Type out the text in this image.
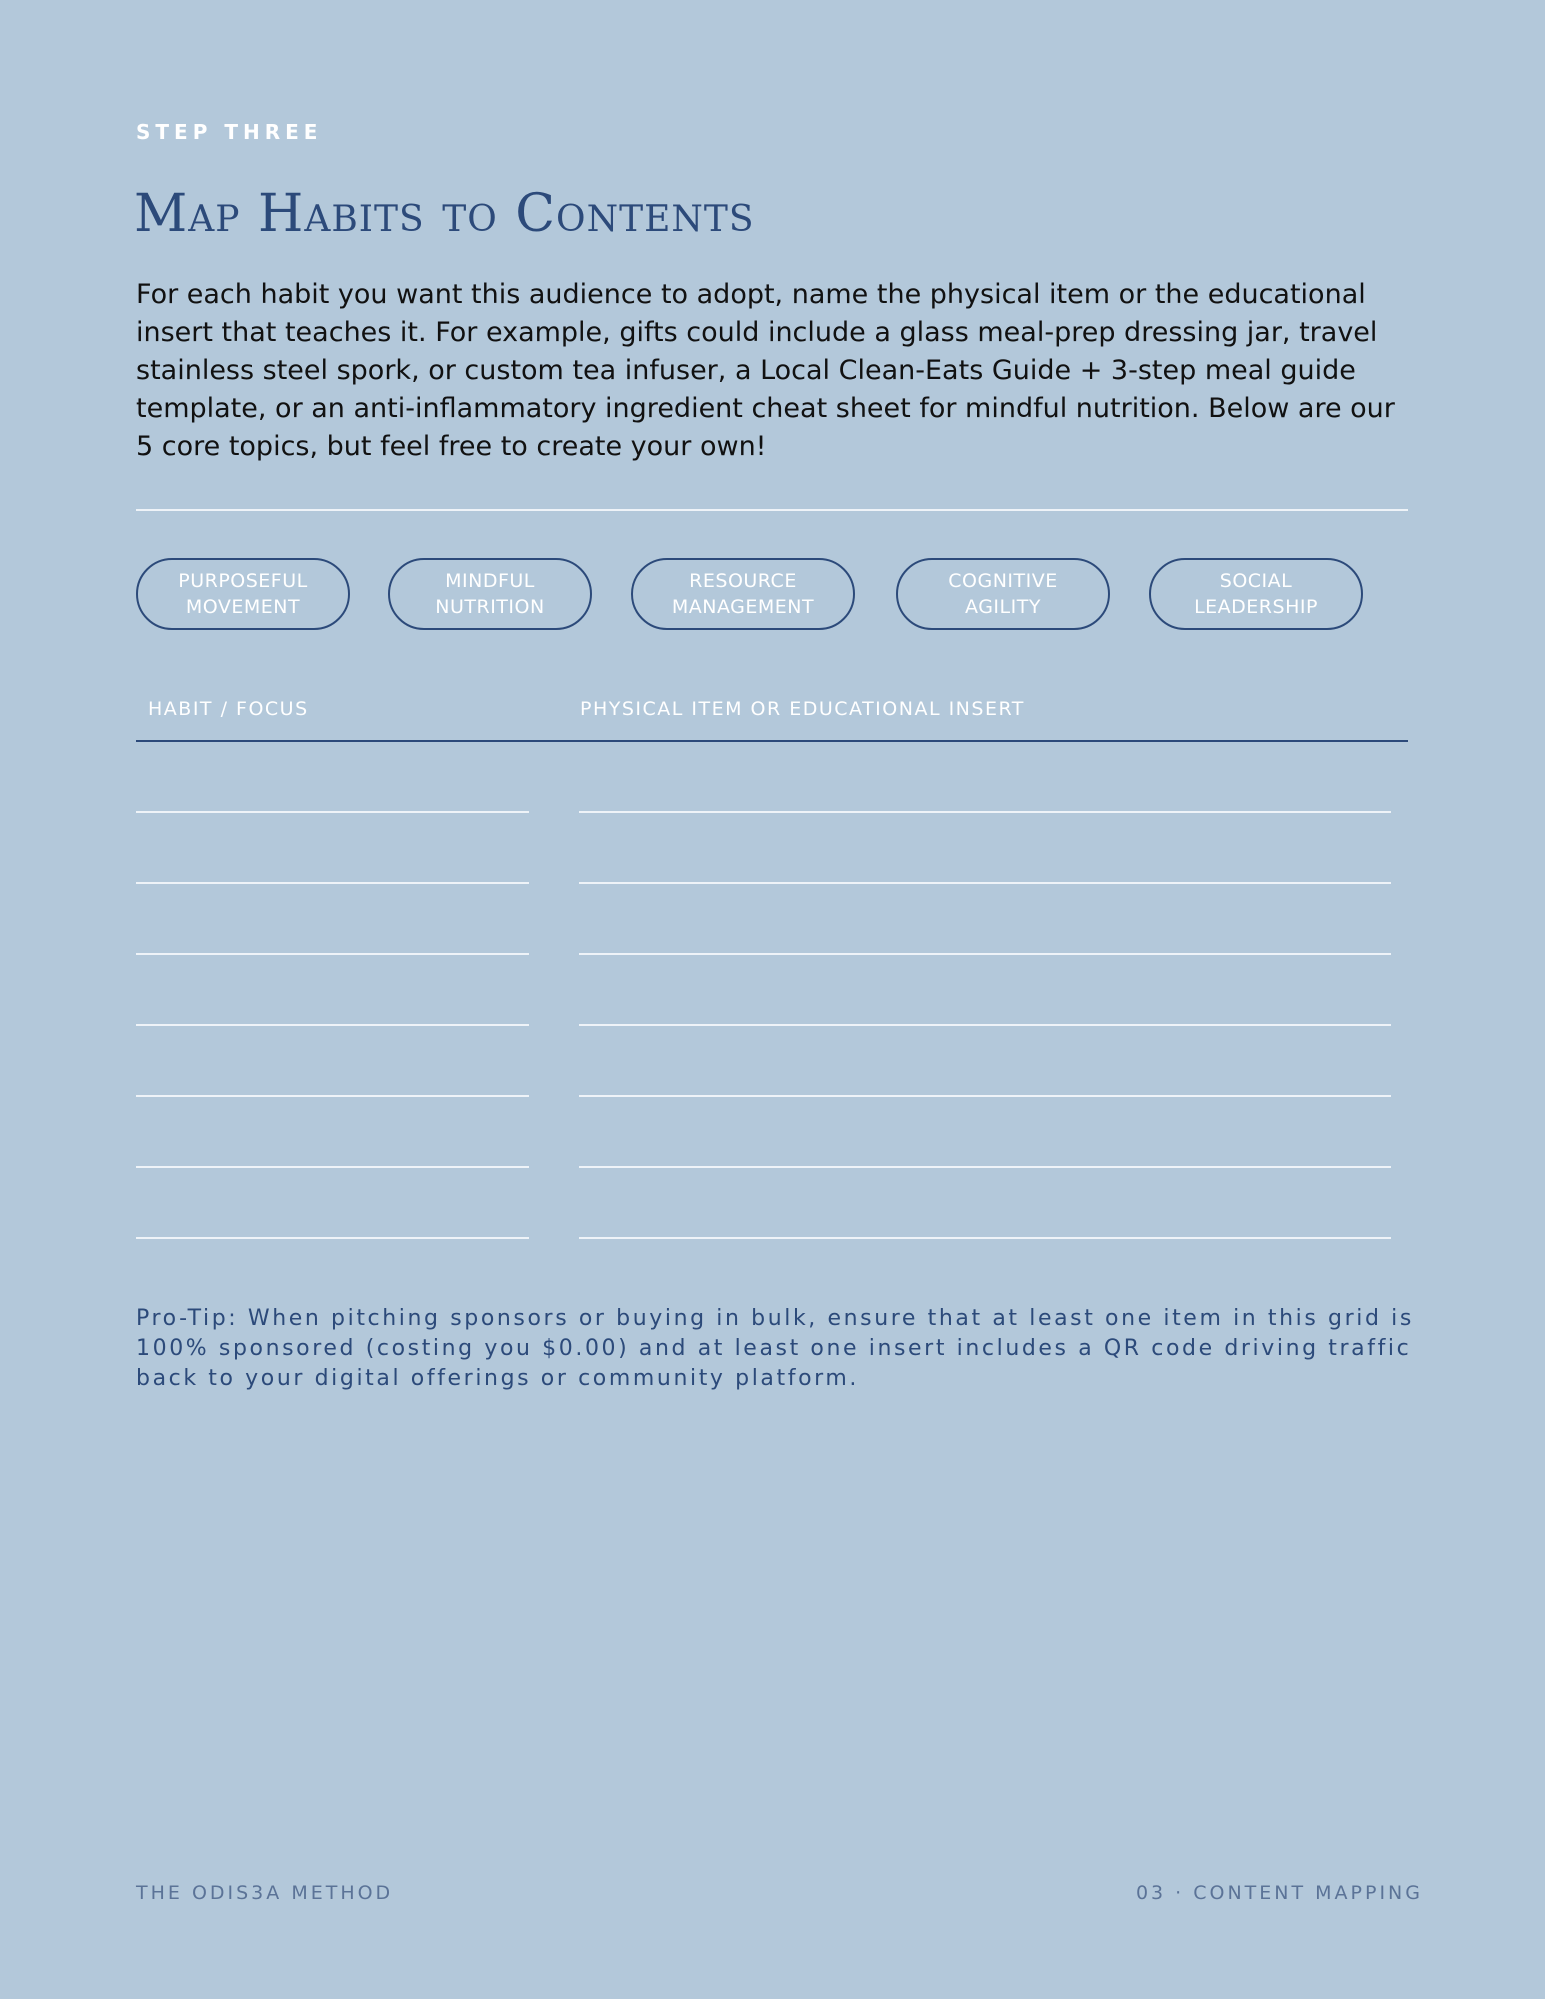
STEP THREE
Map Habits to Contents

For each habit you want this audience to adopt, name the physical item or the educational insert that teaches it. For example, gifts could include a glass meal-prep dressing jar, travel stainless steel spork, or custom tea infuser, a Local Clean-Eats Guide + 3-step meal guide template, or an anti-inflammatory ingredient cheat sheet for mindful nutrition. Below are our 5 core topics, but feel free to create your own!

PURPOSEFUL
MOVEMENT
MINDFUL
NUTRITION
RESOURCE
MANAGEMENT
COGNITIVE
AGILITY
SOCIAL
LEADERSHIP
HABIT / FOCUS	PHYSICAL ITEM OR EDUCATIONAL INSERT

Pro-Tip: When pitching sponsors or buying in bulk, ensure that at least one item in this grid is 100% sponsored (costing you $0.00) and at least one insert includes a QR code driving traffic back to your digital offerings or community platform.

THE ODIS3A METHOD	03 · CONTENT MAPPING
